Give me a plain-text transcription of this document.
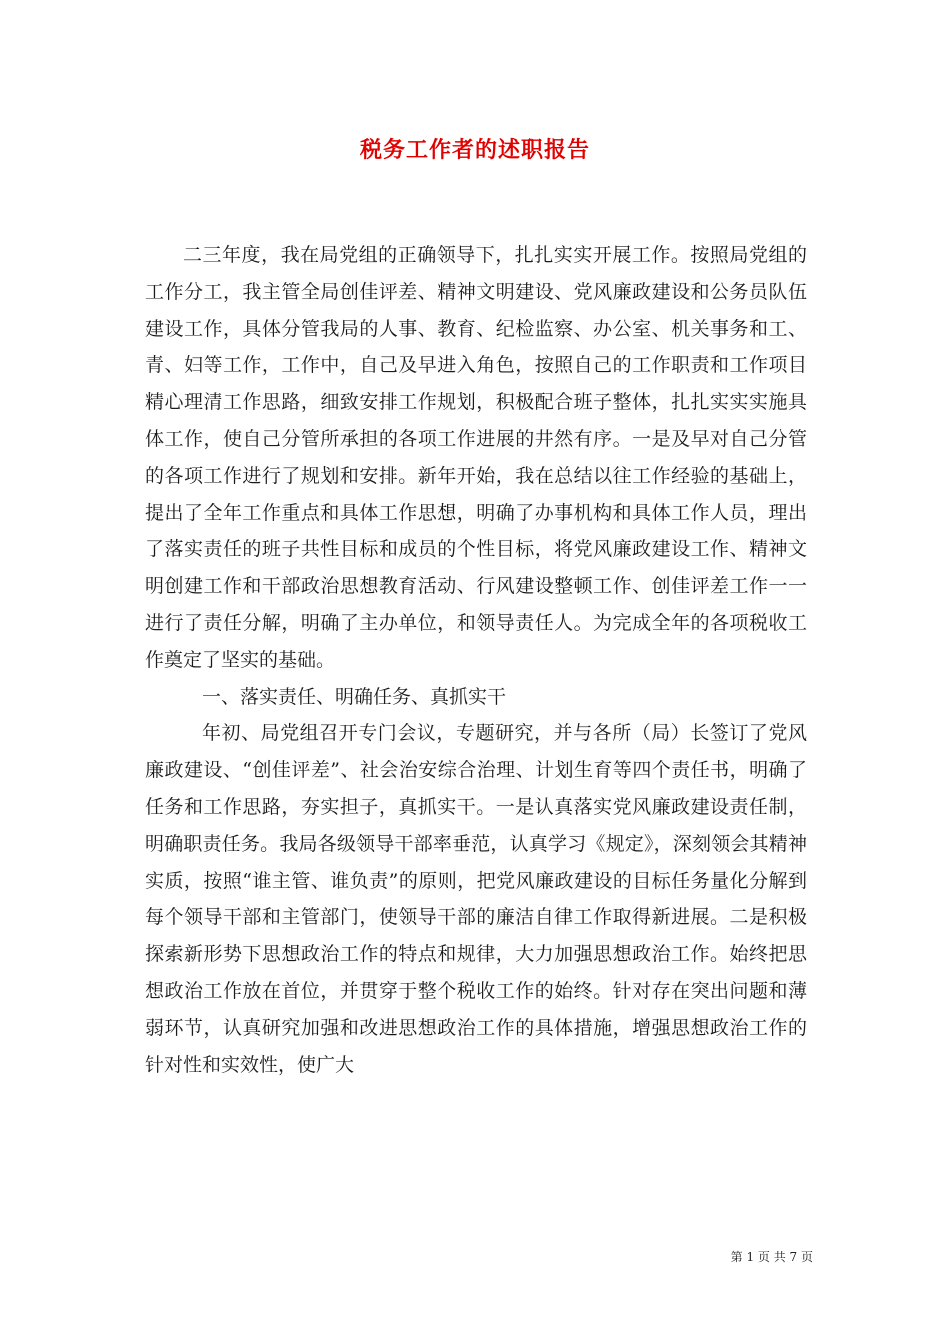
税务工作者的述职报告

二三年度，我在局党组的正确领导下，扎扎实实开展工作。按照局党组的工作分工，我主管全局创佳评差、精神文明建设、党风廉政建设和公务员队伍建设工作，具体分管我局的人事、教育、纪检监察、办公室、机关事务和工、青、妇等工作，工作中，自己及早进入角色，按照自己的工作职责和工作项目精心理清工作思路，细致安排工作规划，积极配合班子整体，扎扎实实实施具体工作，使自己分管所承担的各项工作进展的井然有序。一是及早对自己分管的各项工作进行了规划和安排。新年开始，我在总结以往工作经验的基础上，提出了全年工作重点和具体工作思想，明确了办事机构和具体工作人员，理出了落实责任的班子共性目标和成员的个性目标，将党风廉政建设工作、精神文明创建工作和干部政治思想教育活动、行风建设整顿工作、创佳评差工作一一进行了责任分解，明确了主办单位，和领导责任人。为完成全年的各项税收工作奠定了坚实的基础。

一、落实责任、明确任务、真抓实干

年初、局党组召开专门会议，专题研究，并与各所（局）长签订了党风廉政建设、“创佳评差”、社会治安综合治理、计划生育等四个责任书，明确了任务和工作思路，夯实担子，真抓实干。一是认真落实党风廉政建设责任制，明确职责任务。我局各级领导干部率垂范，认真学习《规定》，深刻领会其精神实质，按照“谁主管、谁负责”的原则，把党风廉政建设的目标任务量化分解到每个领导干部和主管部门，使领导干部的廉洁自律工作取得新进展。二是积极探索新形势下思想政治工作的特点和规律，大力加强思想政治工作。始终把思想政治工作放在首位，并贯穿于整个税收工作的始终。针对存在突出问题和薄弱环节，认真研究加强和改进思想政治工作的具体措施，增强思想政治工作的针对性和实效性，使广大

第 1 页 共 7 页
